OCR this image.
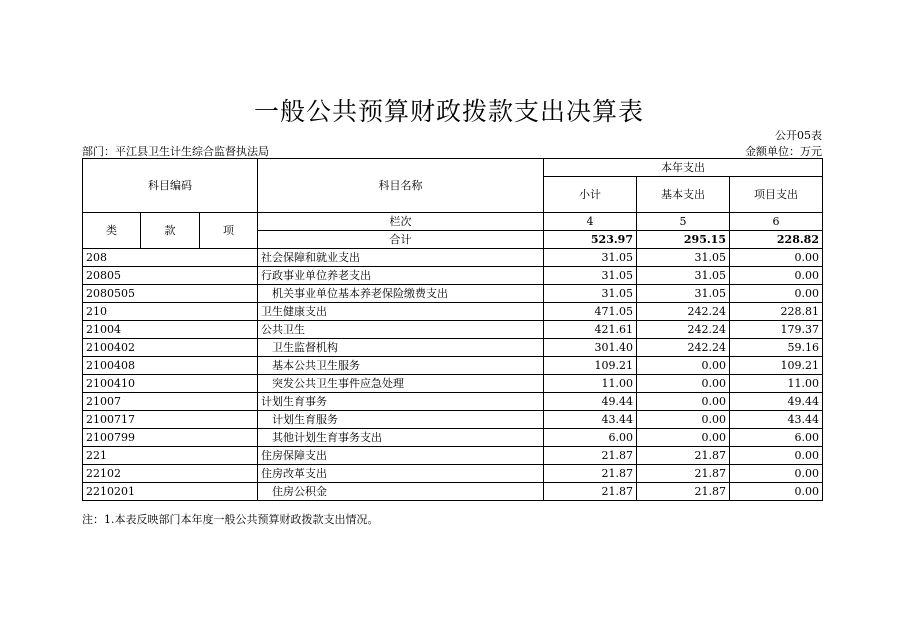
一般公共预算财政拨款支出决算表
公开05表
部门：平江县卫生计生综合监督执法局	金额单位：万元
科目编码			科目名称	本年支出		
				小计	基本支出	项目支出

类	款	项	栏次	4	5	6
			合计	523.97	295.15	228.82
208			社会保障和就业支出	31.05	31.05	0.00
20805			行政事业单位养老支出	31.05	31.05	0.00
2080505			机关事业单位基本养老保险缴费支出	31.05	31.05	0.00
210			卫生健康支出	471.05	242.24	228.81
21004			公共卫生	421.61	242.24	179.37
2100402			卫生监督机构	301.40	242.24	59.16
2100408			基本公共卫生服务	109.21	0.00	109.21
2100410			突发公共卫生事件应急处理	11.00	0.00	11.00
21007			计划生育事务	49.44	0.00	49.44
2100717			计划生育服务	43.44	0.00	43.44
2100799			其他计划生育事务支出	6.00	0.00	6.00
221			住房保障支出	21.87	21.87	0.00
22102			住房改革支出	21.87	21.87	0.00
2210201			住房公积金	21.87	21.87	0.00
注：1.本表反映部门本年度一般公共预算财政拨款支出情况。
